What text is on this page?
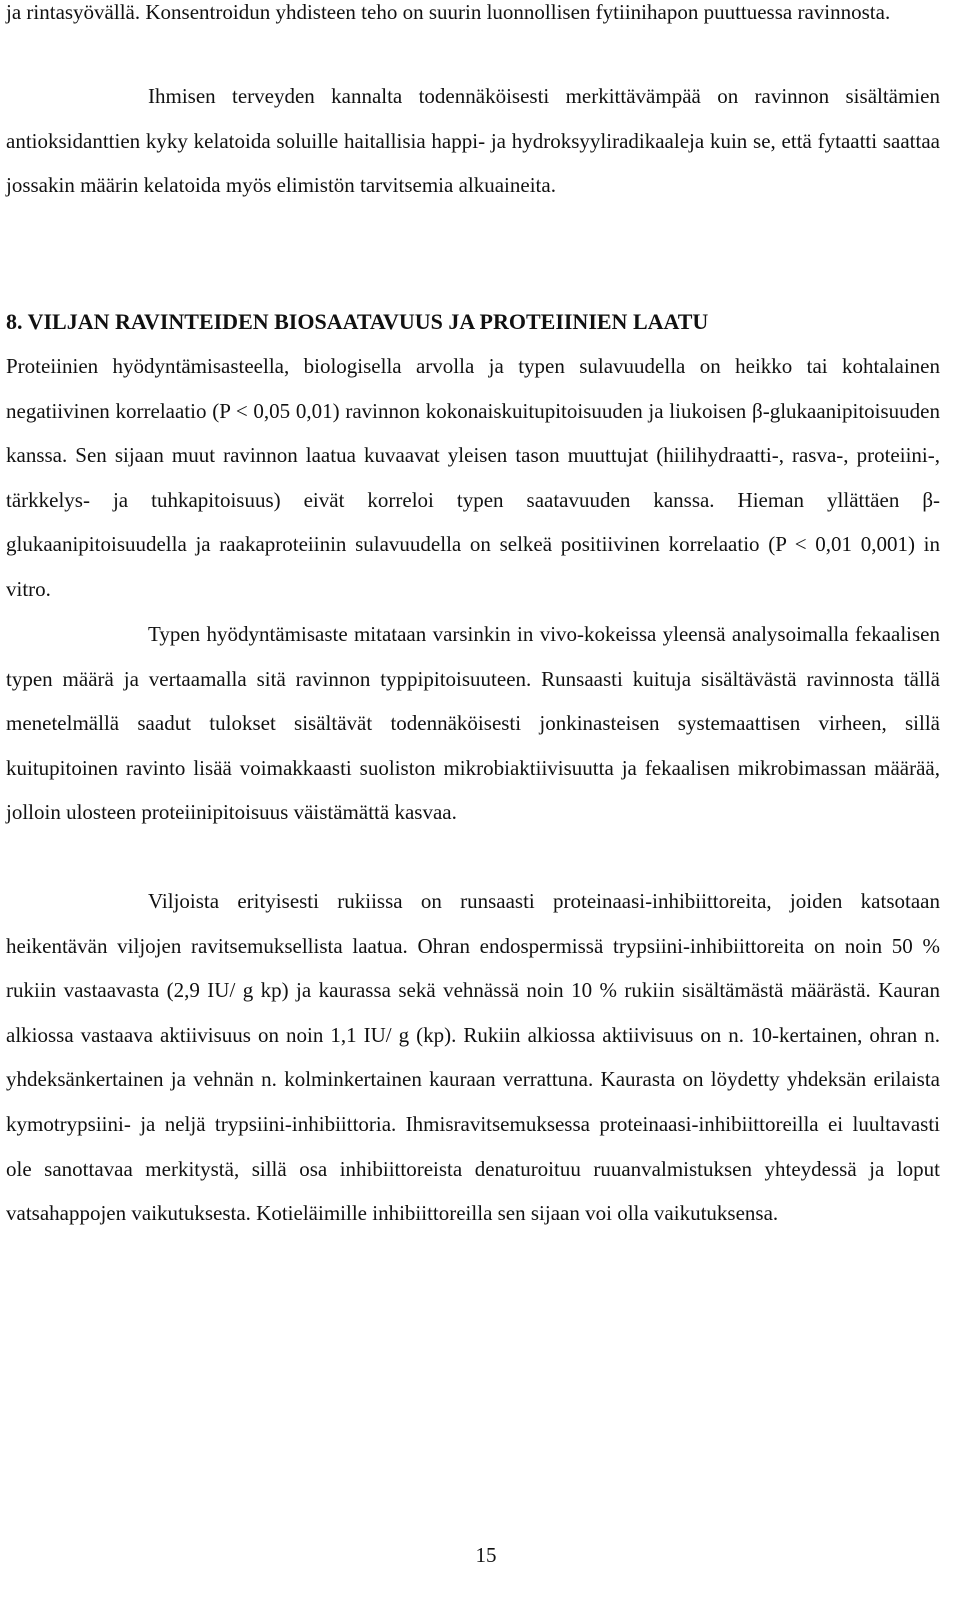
ja rintasyövällä. Konsentroidun yhdisteen teho on suurin luonnollisen fytiinihapon puuttuessa ravinnosta.

Ihmisen terveyden kannalta todennäköisesti merkittävämpää on ravinnon sisältämien antioksidanttien kyky kelatoida soluille haitallisia happi- ja hydroksyyliradikaaleja kuin se, että fytaatti saattaa jossakin määrin kelatoida myös elimistön tarvitsemia alkuaineita.

8. VILJAN RAVINTEIDEN BIOSAATAVUUS JA PROTEIINIEN LAATU

Proteiinien hyödyntämisasteella, biologisella arvolla ja typen sulavuudella on heikko tai kohtalainen negatiivinen korrelaatio (P < 0,05 0,01) ravinnon kokonaiskuitupitoisuuden ja liukoisen β-glukaanipitoisuuden kanssa. Sen sijaan muut ravinnon laatua kuvaavat yleisen tason muuttujat (hiilihydraatti-, rasva-, proteiini-, tärkkelys- ja tuhkapitoisuus) eivät korreloi typen saatavuuden kanssa. Hieman yllättäen β-glukaanipitoisuudella ja raakaproteiinin sulavuudella on selkeä positiivinen korrelaatio (P < 0,01 0,001) in vitro.

Typen hyödyntämisaste mitataan varsinkin in vivo-kokeissa yleensä analysoimalla fekaalisen typen määrä ja vertaamalla sitä ravinnon typpipitoisuuteen. Runsaasti kuituja sisältävästä ravinnosta tällä menetelmällä saadut tulokset sisältävät todennäköisesti jonkinasteisen systemaattisen virheen, sillä kuitupitoinen ravinto lisää voimakkaasti suoliston mikrobiaktiivisuutta ja fekaalisen mikrobimassan määrää, jolloin ulosteen proteiinipitoisuus väistämättä kasvaa.

Viljoista erityisesti rukiissa on runsaasti proteinaasi-inhibiittoreita, joiden katsotaan heikentävän viljojen ravitsemuksellista laatua. Ohran endospermissä trypsiini-inhibiittoreita on noin 50 % rukiin vastaavasta (2,9 IU/ g kp) ja kaurassa sekä vehnässä noin 10 % rukiin sisältämästä määrästä. Kauran alkiossa vastaava aktiivisuus on noin 1,1 IU/ g (kp). Rukiin alkiossa aktiivisuus on n. 10-kertainen, ohran n. yhdeksänkertainen ja vehnän n. kolminkertainen kauraan verrattuna. Kaurasta on löydetty yhdeksän erilaista kymotrypsiini- ja neljä trypsiini-inhibiittoria. Ihmisravitsemuksessa proteinaasi-inhibiittoreilla ei luultavasti ole sanottavaa merkitystä, sillä osa inhibiittoreista denaturoituu ruuanvalmistuksen yhteydessä ja loput vatsahappojen vaikutuksesta. Kotieläimille inhibiittoreilla sen sijaan voi olla vaikutuksensa.

15
